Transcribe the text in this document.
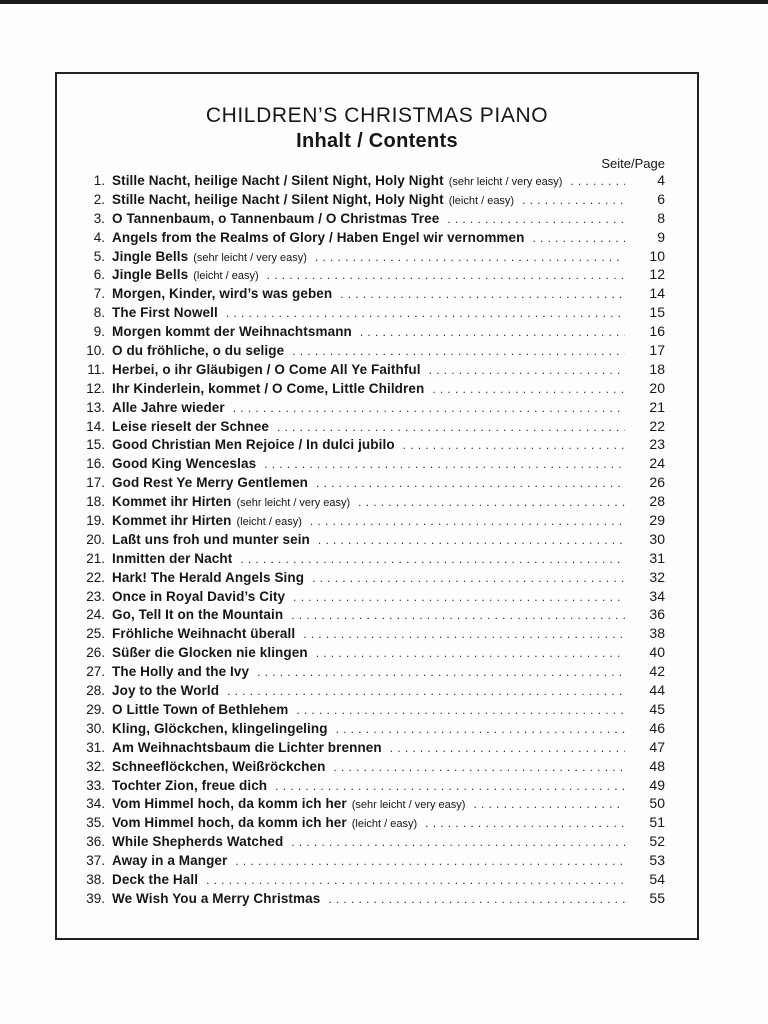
CHILDREN’S CHRISTMAS PIANO
Inhalt / Contents
Seite/Page
1. Stille Nacht, heilige Nacht / Silent Night, Holy Night (sehr leicht / very easy) .....	4
2. Stille Nacht, heilige Nacht / Silent Night, Holy Night (leicht / easy) .....	6
3. O Tannenbaum, o Tannenbaum / O Christmas Tree .....	8
4. Angels from the Realms of Glory / Haben Engel wir vernommen .....	9
5. Jingle Bells (sehr leicht / very easy) .....	10
6. Jingle Bells (leicht / easy) .....	12
7. Morgen, Kinder, wird’s was geben .....	14
8. The First Nowell .....	15
9. Morgen kommt der Weihnachtsmann .....	16
10. O du fröhliche, o du selige .....	17
11. Herbei, o ihr Gläubigen / O Come All Ye Faithful .....	18
12. Ihr Kinderlein, kommet / O Come, Little Children .....	20
13. Alle Jahre wieder .....	21
14. Leise rieselt der Schnee .....	22
15. Good Christian Men Rejoice / In dulci jubilo .....	23
16. Good King Wenceslas .....	24
17. God Rest Ye Merry Gentlemen .....	26
18. Kommet ihr Hirten (sehr leicht / very easy) .....	28
19. Kommet ihr Hirten (leicht / easy) .....	29
20. Laßt uns froh und munter sein .....	30
21. Inmitten der Nacht .....	31
22. Hark! The Herald Angels Sing .....	32
23. Once in Royal David’s City .....	34
24. Go, Tell It on the Mountain .....	36
25. Fröhliche Weihnacht überall .....	38
26. Süßer die Glocken nie klingen .....	40
27. The Holly and the Ivy .....	42
28. Joy to the World .....	44
29. O Little Town of Bethlehem .....	45
30. Kling, Glöckchen, klingelingeling .....	46
31. Am Weihnachtsbaum die Lichter brennen .....	47
32. Schneeflöckchen, Weißröckchen .....	48
33. Tochter Zion, freue dich .....	49
34. Vom Himmel hoch, da komm ich her (sehr leicht / very easy) .....	50
35. Vom Himmel hoch, da komm ich her (leicht / easy) .....	51
36. While Shepherds Watched .....	52
37. Away in a Manger .....	53
38. Deck the Hall .....	54
39. We Wish You a Merry Christmas .....	55
